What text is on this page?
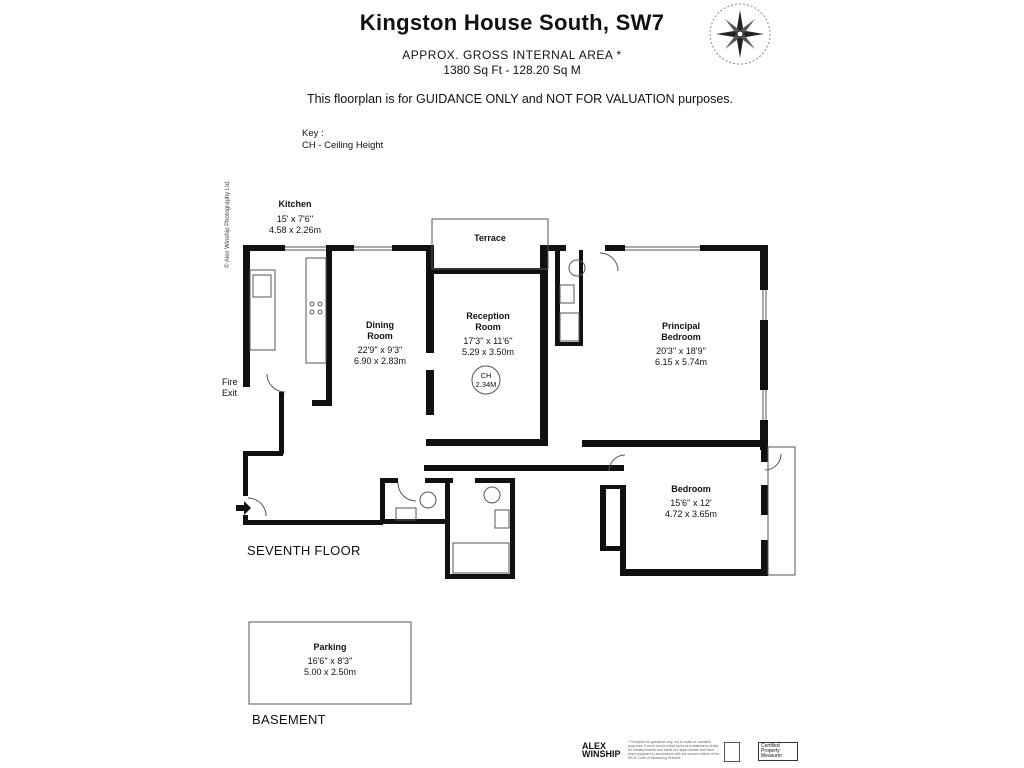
Kingston House South, SW7
APPROX. GROSS INTERNAL AREA *
1380 Sq Ft - 128.20 Sq M
This floorplan is for GUIDANCE ONLY and NOT FOR VALUATION purposes.
Key :
CH - Ceiling Height
Kitchen
15' x 7'6''
4.58 x 2.26m
Terrace
Dining
Room
22'9'' x 9'3''
6.90 x 2.83m
Reception
Room
17'3'' x 11'6''
5.29 x 3.50m
CH
2.34M
Principal
Bedroom
20'3'' x 18'9''
6.15 x 5.74m
Bedroom
15'6'' x 12'
4.72 x 3.65m
Parking
16'6'' x 8'3''
5.00 x 2.50m
Fire
Exit
SEVENTH FLOOR
BASEMENT
© Alex Winship Photography Ltd.
ALEX
WINSHIP
* Floorplan for guidance only, not to scale or valuation purposes. It must not be relied upon as a statement of fact. All measurements and areas are approximate and have been prepared in accordance with the current edition of the RICS Code of Measuring Practice.
Certified
Property
Measurer
